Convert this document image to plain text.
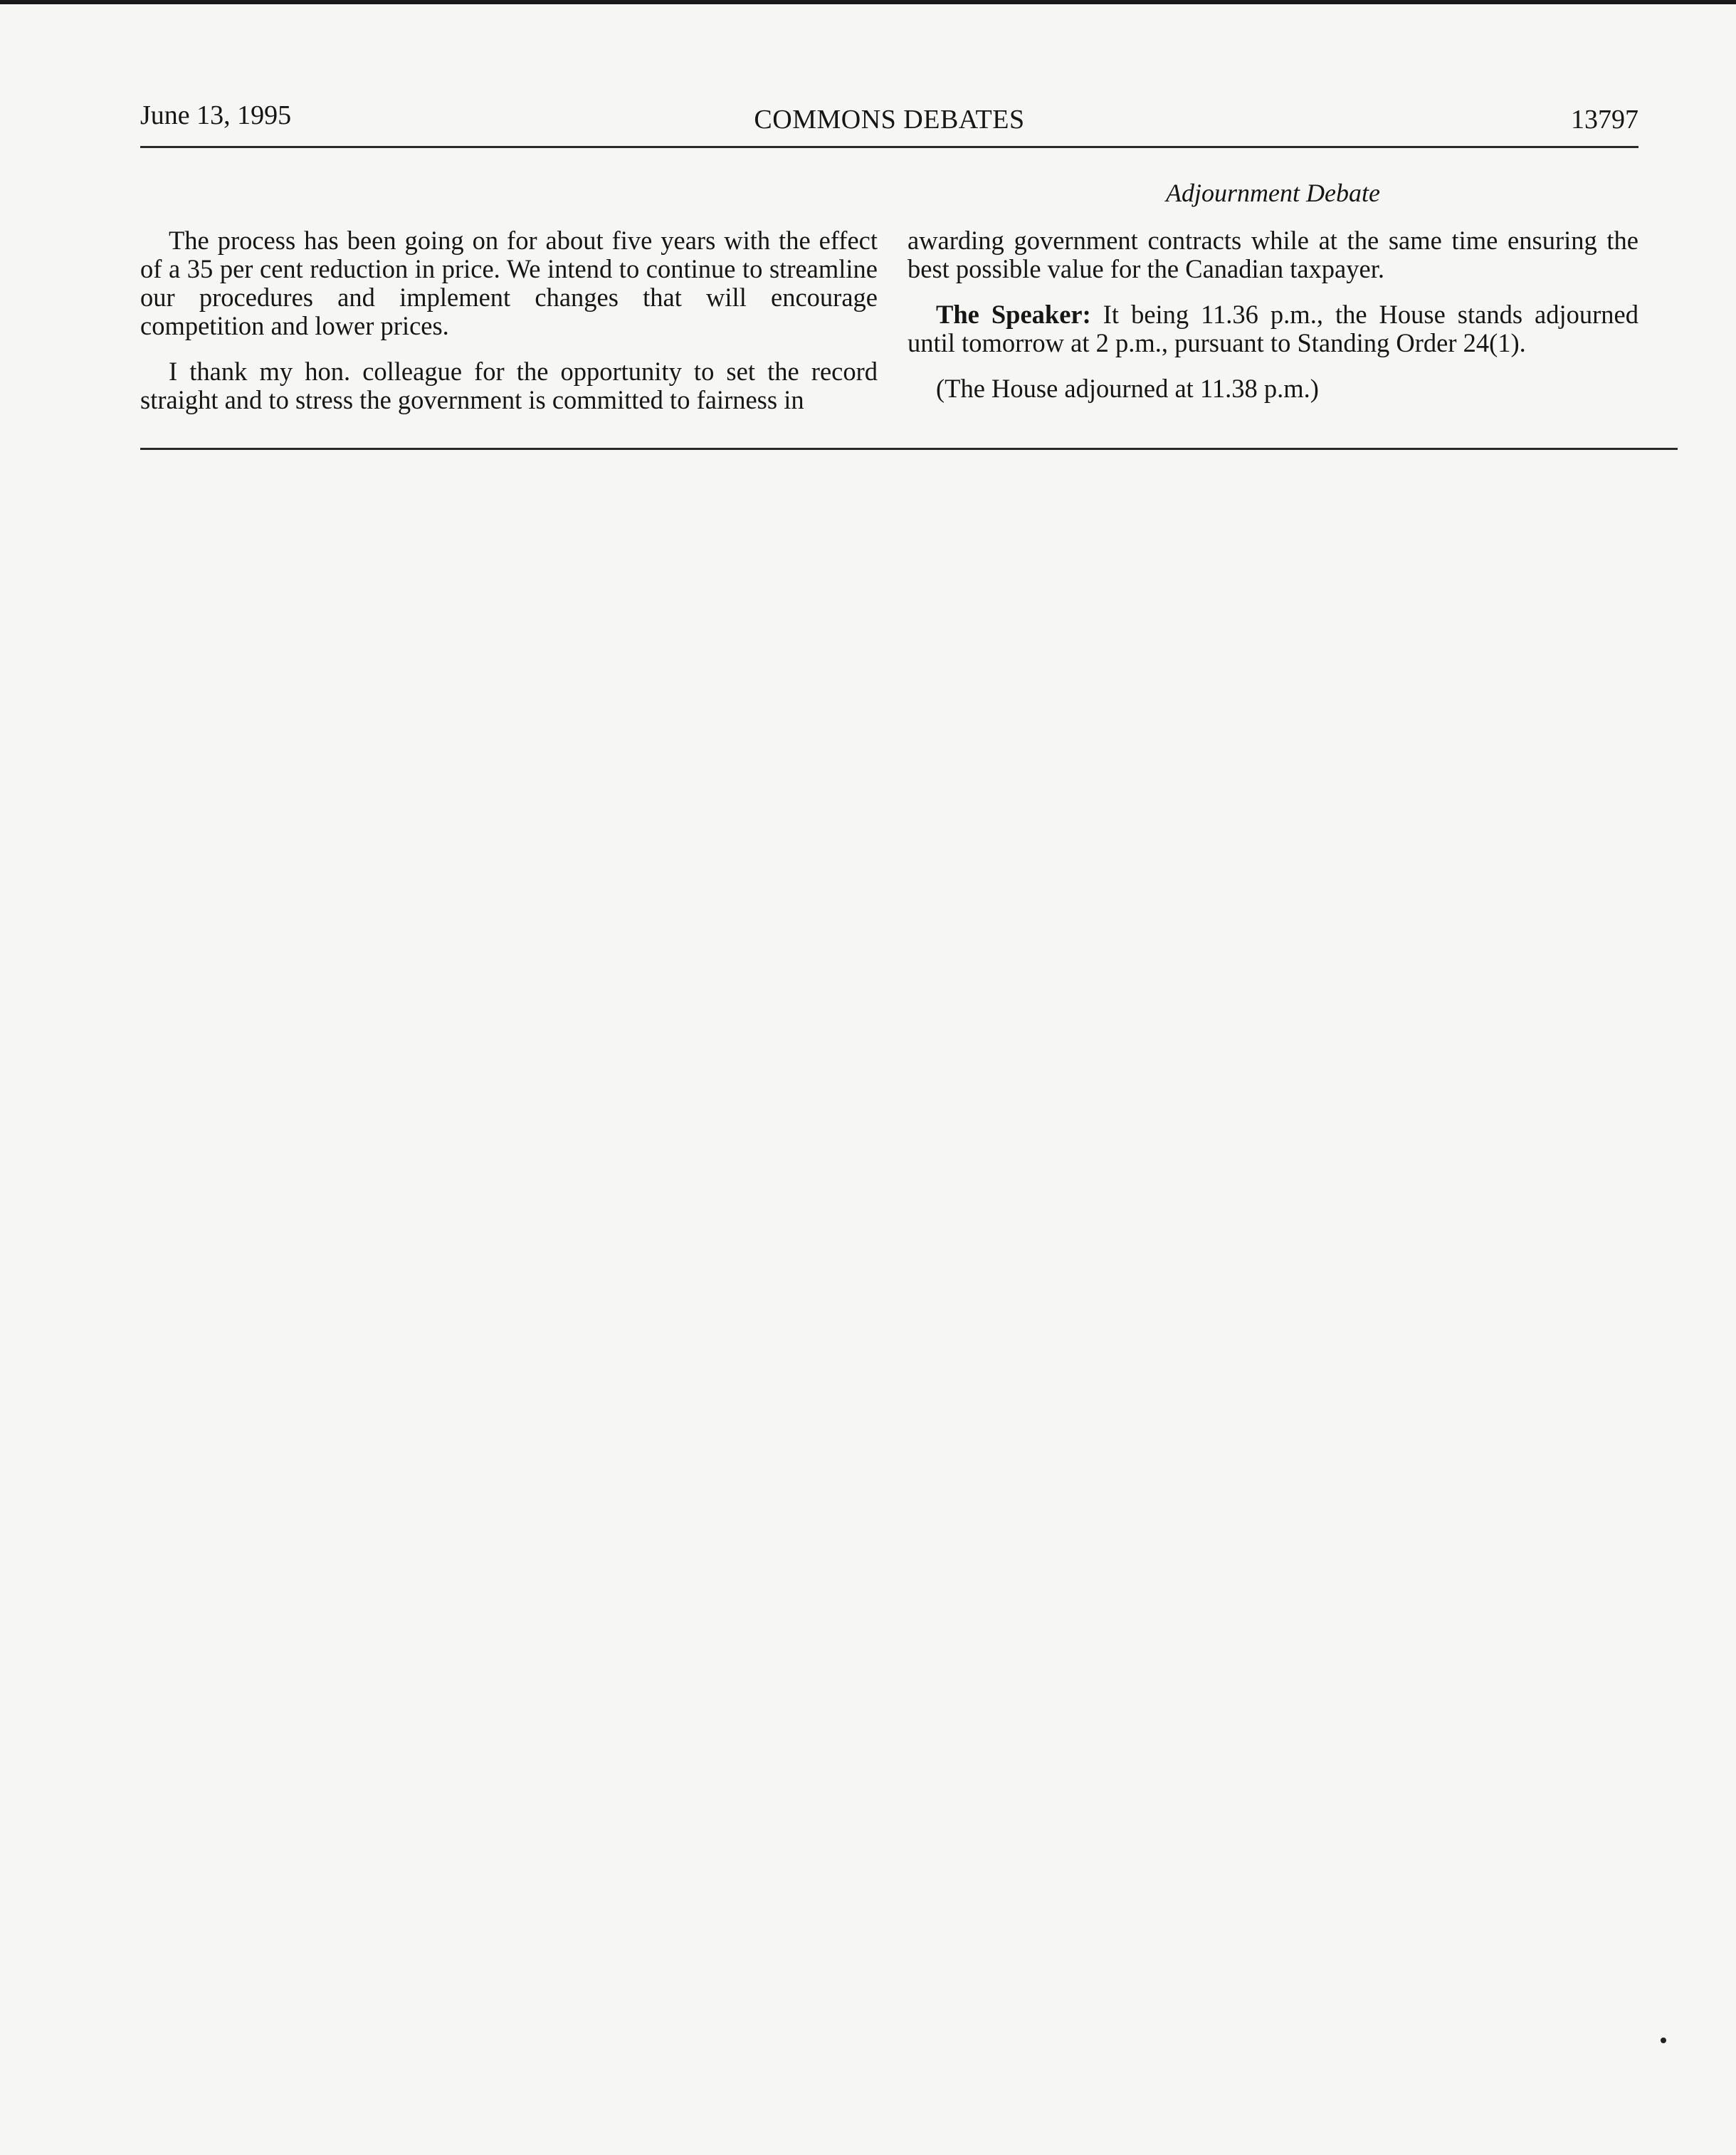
June 13, 1995	COMMONS DEBATES	13797
Adjournment Debate

The process has been going on for about five years with the effect of a 35 per cent reduction in price. We intend to continue to streamline our procedures and implement changes that will encourage competition and lower prices.

I thank my hon. colleague for the opportunity to set the record straight and to stress the government is committed to fairness in

awarding government contracts while at the same time ensuring the best possible value for the Canadian taxpayer.

The Speaker: It being 11.36 p.m., the House stands adjourned until tomorrow at 2 p.m., pursuant to Standing Order 24(1).

(The House adjourned at 11.38 p.m.)
